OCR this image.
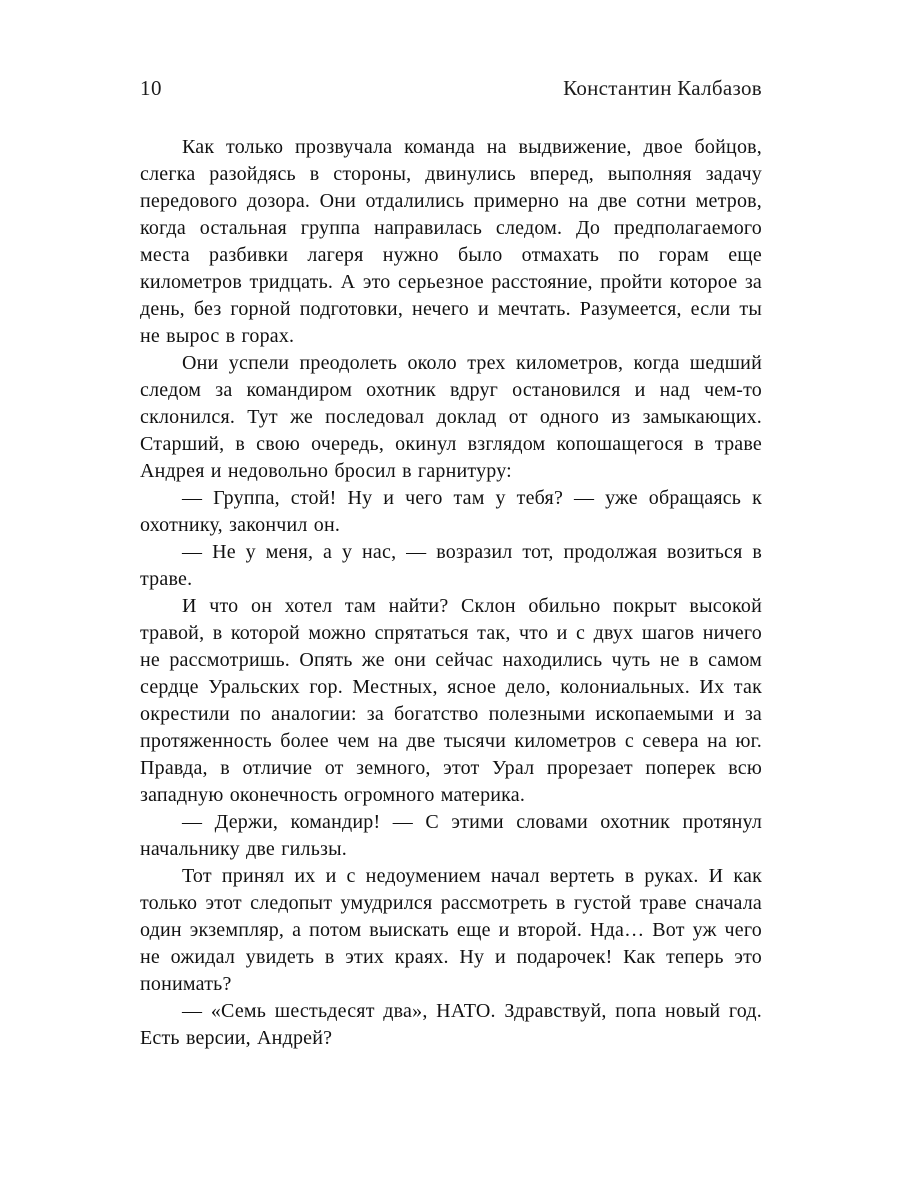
10	Константин Калбазов

Как только прозвучала команда на выдвижение, двое бойцов, слегка разойдясь в стороны, двинулись вперед, выполняя задачу передового дозора. Они отдалились примерно на две сотни метров, когда остальная группа направилась следом. До предполагаемого места разбивки лагеря нужно было отмахать по горам еще километров тридцать. А это серьезное расстояние, пройти которое за день, без горной подготовки, нечего и мечтать. Разумеется, если ты не вырос в горах.

Они успели преодолеть около трех километров, когда шедший следом за командиром охотник вдруг остановился и над чем-то склонился. Тут же последовал доклад от одного из замыкающих. Старший, в свою очередь, окинул взглядом копошащегося в траве Андрея и недовольно бросил в гарнитуру:

— Группа, стой! Ну и чего там у тебя? — уже обращаясь к охотнику, закончил он.

— Не у меня, а у нас, — возразил тот, продолжая возиться в траве.

И что он хотел там найти? Склон обильно покрыт высокой травой, в которой можно спрятаться так, что и с двух шагов ничего не рассмотришь. Опять же они сейчас находились чуть не в самом сердце Уральских гор. Местных, ясное дело, колониальных. Их так окрестили по аналогии: за богатство полезными ископаемыми и за протяженность более чем на две тысячи километров с севера на юг. Правда, в отличие от земного, этот Урал прорезает поперек всю западную оконечность огромного материка.

— Держи, командир! — С этими словами охотник протянул начальнику две гильзы.

Тот принял их и с недоумением начал вертеть в руках. И как только этот следопыт умудрился рассмотреть в густой траве сначала один экземпляр, а потом выискать еще и второй. Нда… Вот уж чего не ожидал увидеть в этих краях. Ну и подарочек! Как теперь это понимать?

— «Семь шестьдесят два», НАТО. Здравствуй, попа новый год. Есть версии, Андрей?
